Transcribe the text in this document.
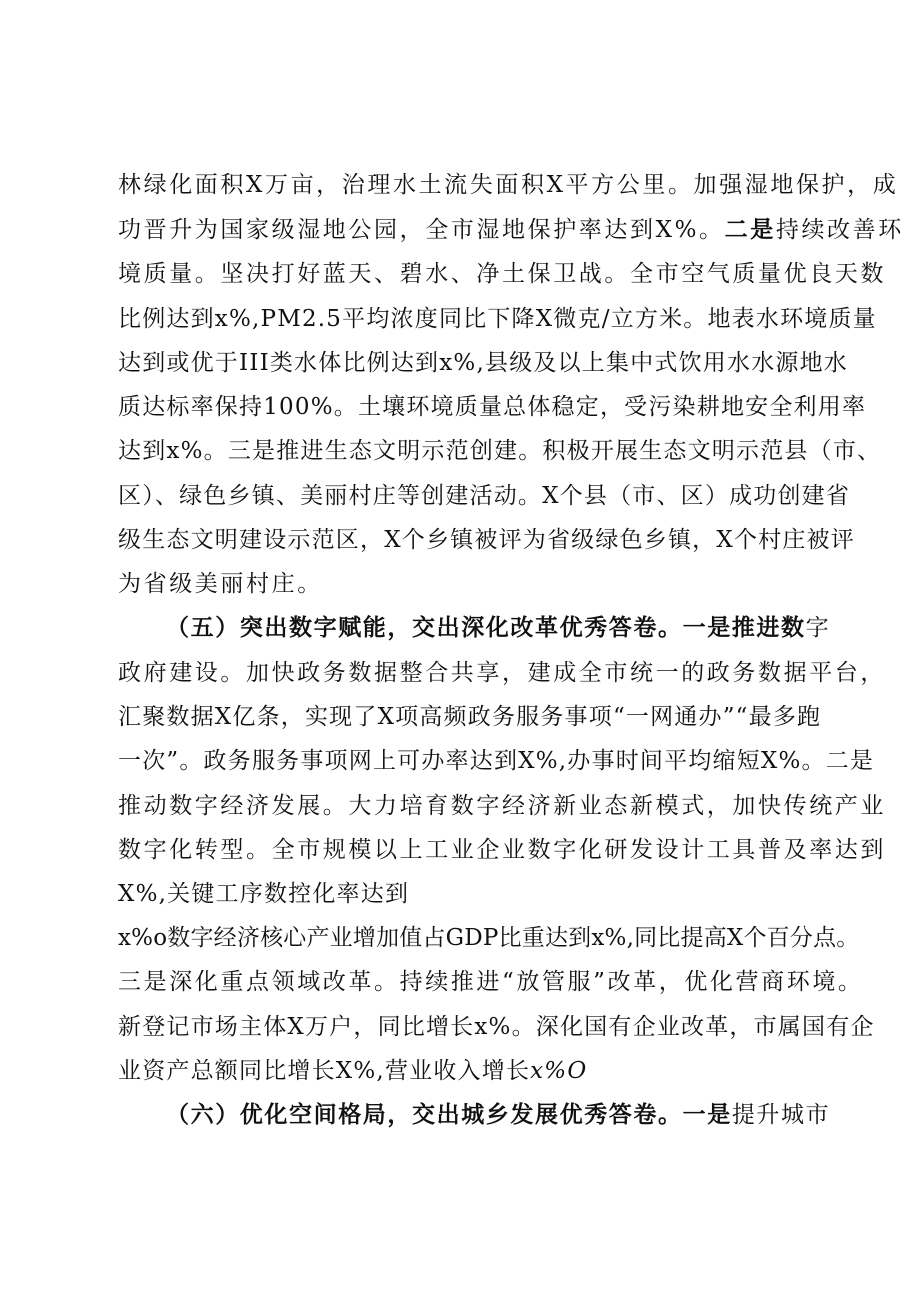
林绿化面积X万亩，治理水土流失面积X平方公里。加强湿地保护，成
功晋升为国家级湿地公园，全市湿地保护率达到X%。二是持续改善环
境质量。坚决打好蓝天、碧水、净土保卫战。全市空气质量优良天数
比例达到x%,PM2.5平均浓度同比下降X微克/立方米。地表水环境质量
达到或优于III类水体比例达到x%,县级及以上集中式饮用水水源地水
质达标率保持100%。土壤环境质量总体稳定，受污染耕地安全利用率
达到x%。三是推进生态文明示范创建。积极开展生态文明示范县（市、
区）、绿色乡镇、美丽村庄等创建活动。X个县（市、区）成功创建省
级生态文明建设示范区，X个乡镇被评为省级绿色乡镇，X个村庄被评
为省级美丽村庄。
（五）突出数字赋能，交出深化改革优秀答卷。一是推进数字
政府建设。加快政务数据整合共享，建成全市统一的政务数据平台，
汇聚数据X亿条，实现了X项高频政务服务事项“一网通办”“最多跑
一次”。政务服务事项网上可办率达到X%,办事时间平均缩短X%。二是
推动数字经济发展。大力培育数字经济新业态新模式，加快传统产业
数字化转型。全市规模以上工业企业数字化研发设计工具普及率达到
X%,关键工序数控化率达到
x%o数字经济核心产业增加值占GDP比重达到x%,同比提高X个百分点。
三是深化重点领域改革。持续推进“放管服”改革，优化营商环境。
新登记市场主体X万户，同比增长x%。深化国有企业改革，市属国有企
业资产总额同比增长X%,营业收入增长x%O
（六）优化空间格局，交出城乡发展优秀答卷。一是提升城市
